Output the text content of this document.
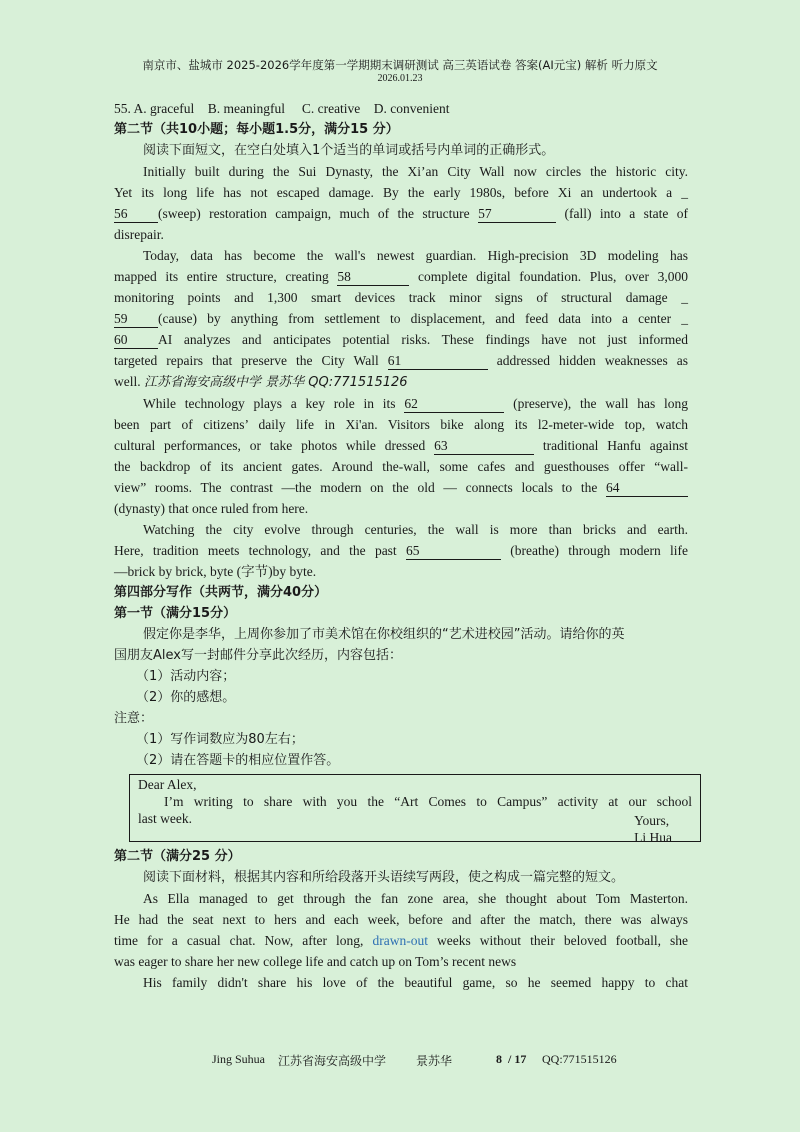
南京市、盐城市 2025-2026学年度第一学期期末调研测试 高三英语试卷 答案(AI元宝) 解析 听力原文
2026.01.23
55. A. graceful    B. meaningful     C. creative    D. convenient
第二节（共10小题；每小题1.5分，满分15 分）
阅读下面短文，在空白处填入1个适当的单词或括号内单词的正确形式。
Initially built during the Sui Dynasty, the Xi’an City Wall now circles the historic city.
Yet its long life has not escaped damage. By the early 1980s, before Xi an undertook a _
56 (sweep) restoration campaign, much of the structure 57	(fall) into a state of
disrepair.
Today, data has become the wall's newest guardian. High-precision 3D modeling has
mapped its entire structure, creating 58	complete digital foundation. Plus, over 3,000
monitoring points and 1,300 smart devices track minor signs of structural damage _
59 (cause) by anything from settlement to displacement, and feed data into a center _
60 AI analyzes and anticipates potential risks. These findings have not just informed
targeted repairs that preserve the City Wall 61	addressed hidden weaknesses as
well. 江苏省海安高级中学 景苏华 QQ:771515126
While technology plays a key role in its 62	(preserve), the wall has long
been part of citizens’ daily life in Xi'an. Visitors bike along its l2-meter-wide top, watch
cultural performances, or take photos while dressed 63	traditional Hanfu against
the backdrop of its ancient gates. Around the-wall, some cafes and guesthouses offer “wall-
view” rooms. The contrast —the modern on the old — connects locals to the 64
(dynasty) that once ruled from here.
Watching the city evolve through centuries, the wall is more than bricks and earth.
Here, tradition meets technology, and the past 65	(breathe) through modern life
—brick by brick, byte (字节)by byte.
第四部分写作（共两节，满分40分）
第一节（满分15分）
假定你是李华，上周你参加了市美术馆在你校组织的“艺术进校园”活动。请给你的英
国朋友Alex写一封邮件分享此次经历，内容包括：
（1）活动内容；
（2）你的感想。
注意：
（1）写作词数应为80左右；
（2）请在答题卡的相应位置作答。
Dear Alex,
I’m writing to share with you the “Art Comes to Campus” activity at our school
last week.	Yours,
Li Hua
第二节（满分25 分）
阅读下面材料，根据其内容和所给段落开头语续写两段，使之构成一篇完整的短文。
As Ella managed to get through the fan zone area, she thought about Tom Masterton.
He had the seat next to hers and each week, before and after the match, there was always
time for a casual chat. Now, after long, drawn-out weeks without their beloved football, she
was eager to share her new college life and catch up on Tom’s recent news
His family didn't share his love of the beautiful game, so he seemed happy to chat
Jing Suhua 江苏省海安高级中学 景苏华	8 / 17 QQ:771515126
